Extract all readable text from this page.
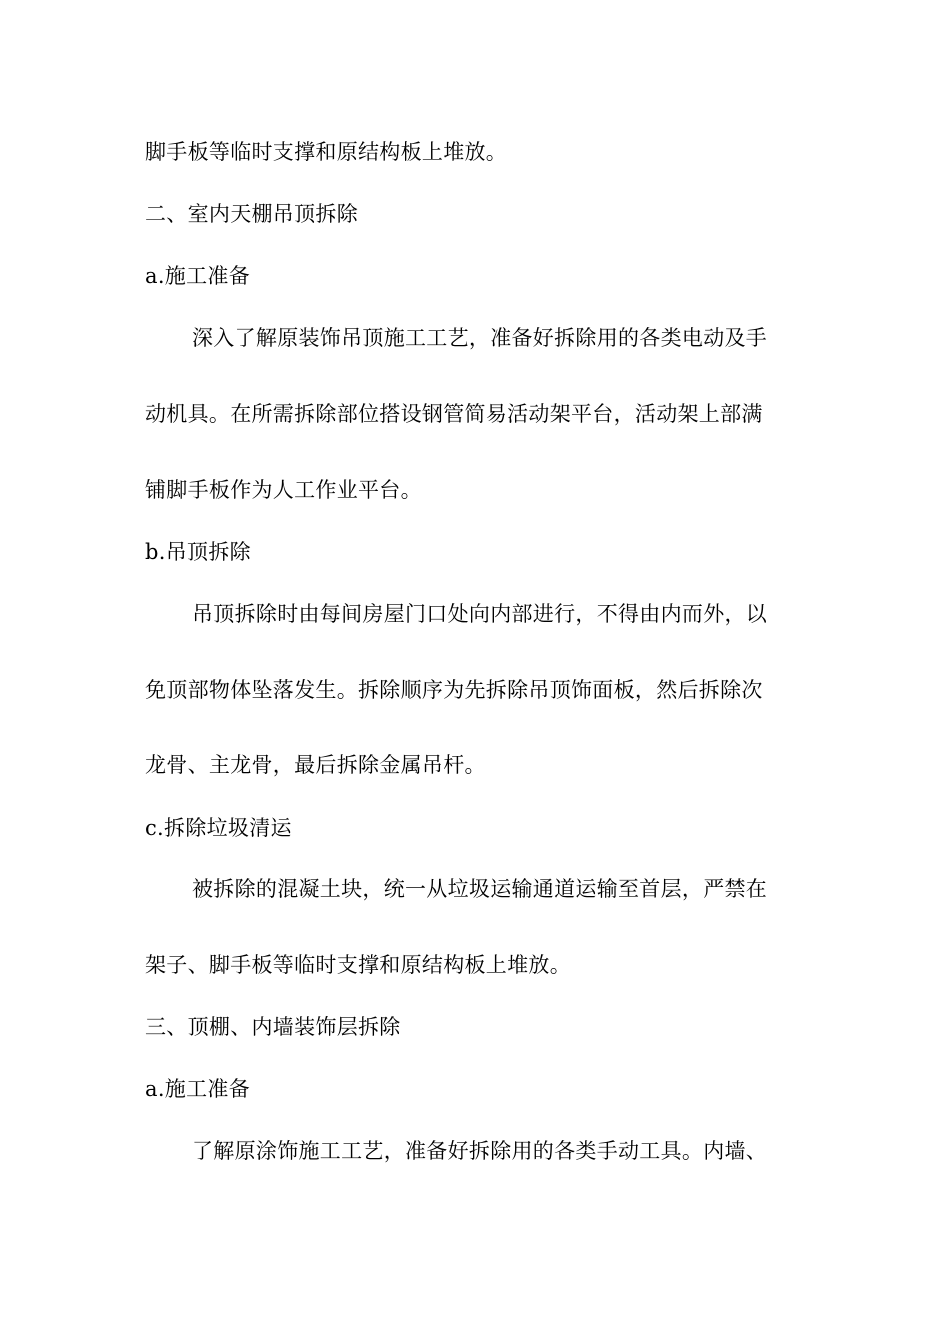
脚手板等临时支撑和原结构板上堆放。
二、室内天棚吊顶拆除
a.施工准备
深入了解原装饰吊顶施工工艺，准备好拆除用的各类电动及手
动机具。在所需拆除部位搭设钢管简易活动架平台，活动架上部满
铺脚手板作为人工作业平台。
b.吊顶拆除
吊顶拆除时由每间房屋门口处向内部进行，不得由内而外，以
免顶部物体坠落发生。拆除顺序为先拆除吊顶饰面板，然后拆除次
龙骨、主龙骨，最后拆除金属吊杆。
c.拆除垃圾清运
被拆除的混凝土块，统一从垃圾运输通道运输至首层，严禁在
架子、脚手板等临时支撑和原结构板上堆放。
三、顶棚、内墙装饰层拆除
a.施工准备
了解原涂饰施工工艺，准备好拆除用的各类手动工具。内墙、
